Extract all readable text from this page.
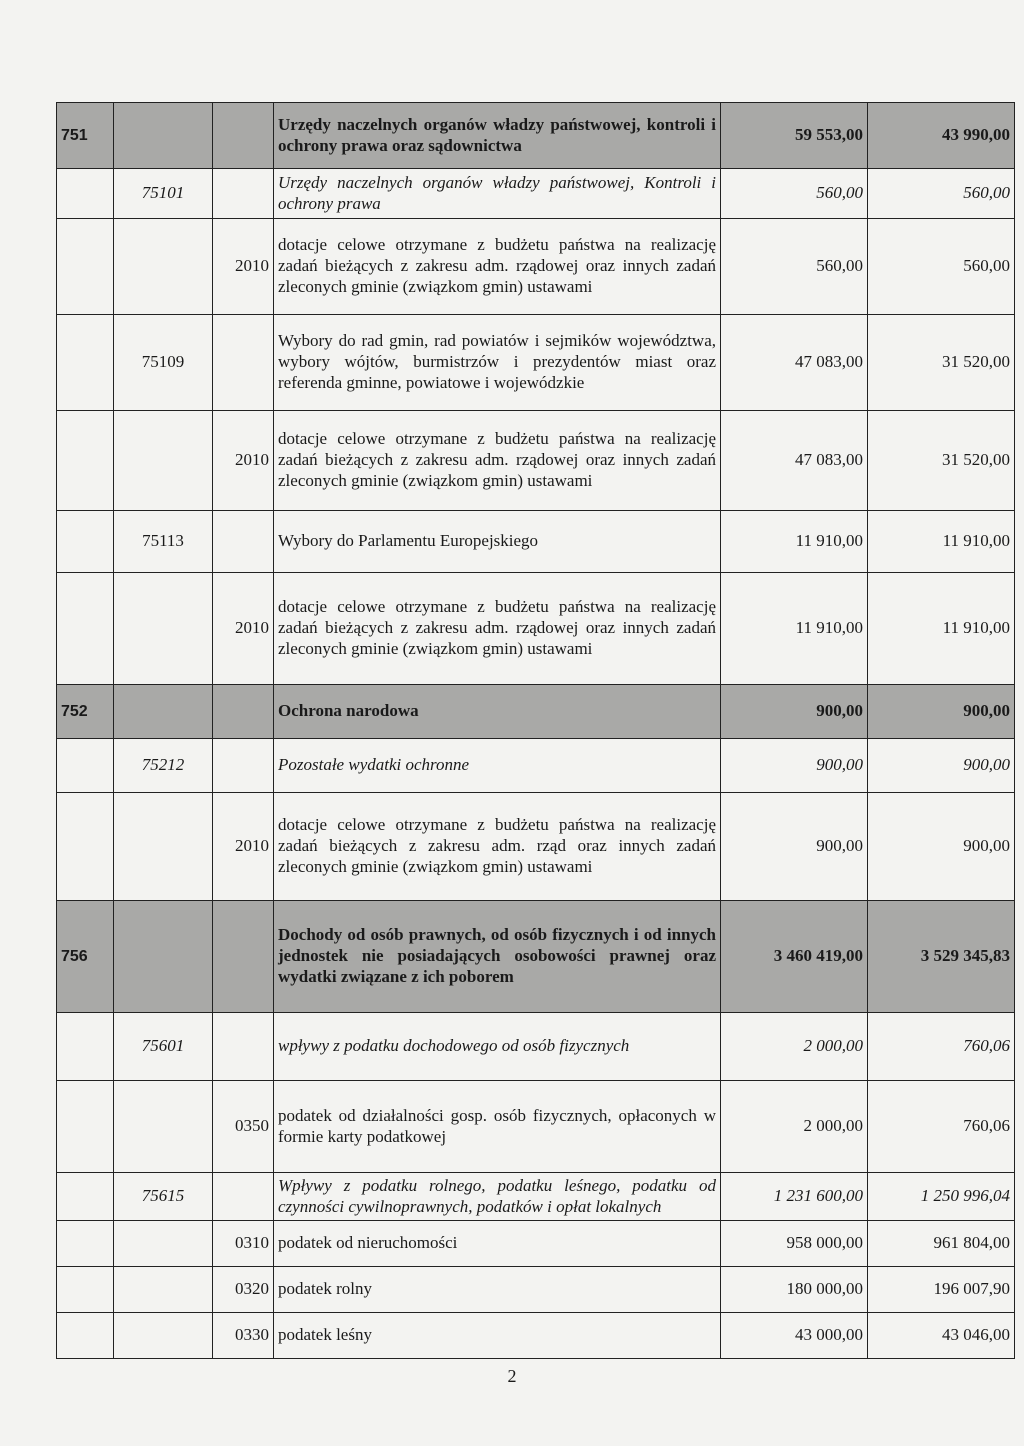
751			Urzędy naczelnych organów władzy państwowej, kontroli i ochrony prawa oraz sądownictwa	59 553,00	43 990,00
	75101		Urzędy naczelnych organów władzy państwowej, Kontroli i ochrony prawa	560,00	560,00
		2010	dotacje celowe otrzymane z budżetu państwa na realizację zadań bieżących z zakresu adm. rządowej oraz innych zadań zleconych gminie (związkom gmin) ustawami	560,00	560,00
	75109		Wybory do rad gmin, rad powiatów i sejmików województwa, wybory wójtów, burmistrzów i prezydentów miast oraz referenda gminne, powiatowe i wojewódzkie	47 083,00	31 520,00
		2010	dotacje celowe otrzymane z budżetu państwa na realizację zadań bieżących z zakresu adm. rządowej oraz innych zadań zleconych gminie (związkom gmin) ustawami	47 083,00	31 520,00
	75113		Wybory do Parlamentu Europejskiego	11 910,00	11 910,00
		2010	dotacje celowe otrzymane z budżetu państwa na realizację zadań bieżących z zakresu adm. rządowej oraz innych zadań zleconych gminie (związkom gmin) ustawami	11 910,00	11 910,00
752			Ochrona narodowa	900,00	900,00
	75212		Pozostałe wydatki ochronne	900,00	900,00
		2010	dotacje celowe otrzymane z budżetu państwa na realizację zadań bieżących z zakresu adm. rząd oraz innych zadań zleconych gminie (związkom gmin) ustawami	900,00	900,00
756			Dochody od osób prawnych, od osób fizycznych i od innych jednostek nie posiadających osobowości prawnej oraz wydatki związane z ich poborem	3 460 419,00	3 529 345,83
	75601		wpływy z podatku dochodowego od osób fizycznych	2 000,00	760,06
		0350	podatek od działalności gosp. osób fizycznych, opłaconych w formie karty podatkowej	2 000,00	760,06
	75615		Wpływy z podatku rolnego, podatku leśnego, podatku od czynności cywilnoprawnych, podatków i opłat lokalnych	1 231 600,00	1 250 996,04
		0310	podatek od nieruchomości	958 000,00	961 804,00
		0320	podatek rolny	180 000,00	196 007,90
		0330	podatek leśny	43 000,00	43 046,00
2
